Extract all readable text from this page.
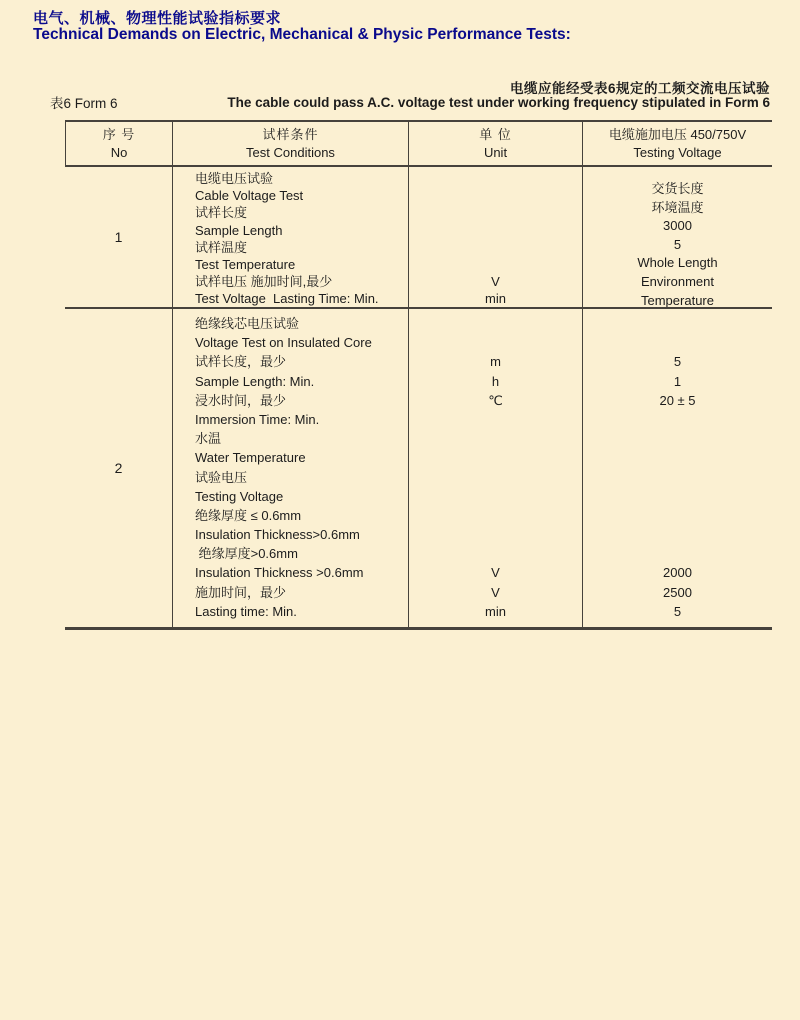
电气、机械、物理性能试验指标要求
Technical Demands on Electric, Mechanical & Physic Performance Tests:
电缆应能经受表6规定的工频交流电压试验
表6 Form 6	The cable could pass A.C. voltage test under working frequency stipulated in Form 6
序 号
No
试样条件
Test Conditions
单 位
Unit
电缆施加电压 450/750V
Testing Voltage
1
电缆电压试验
Cable Voltage Test
试样长度
Sample Length
试样温度
Test Temperature
试样电压 施加时间,最少
Test Voltage  Lasting Time: Min.

V
min
交货长度
环境温度
3000
5
Whole Length
Environment
Temperature
2
绝缘线芯电压试验
Voltage Test on Insulated Core
试样长度，最少
Sample Length: Min.
浸水时间，最少
Immersion Time: Min.
水温
Water Temperature
试验电压
Testing Voltage
绝缘厚度 ≤ 0.6mm
Insulation Thickness>0.6mm
绝缘厚度>0.6mm
Insulation Thickness >0.6mm
施加时间，最少
Lasting time: Min.

m
h
℃

V
V
min

5
1
20 ± 5

2000
2500
5
